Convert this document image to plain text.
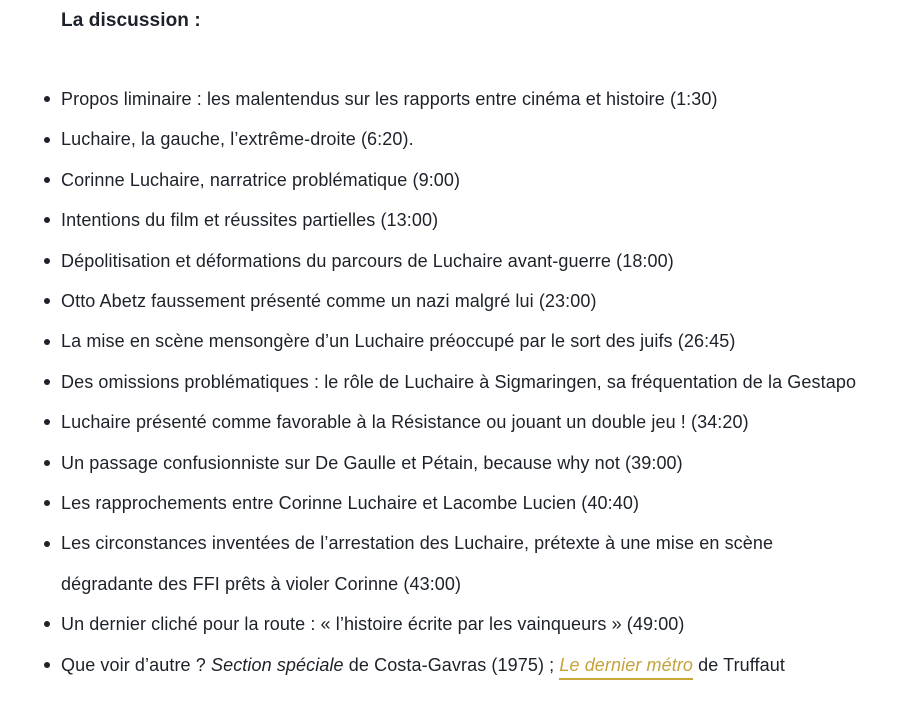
La discussion :
Propos liminaire : les malentendus sur les rapports entre cinéma et histoire (1:30)
Luchaire, la gauche, l’extrême-droite (6:20).
Corinne Luchaire, narratrice problématique (9:00)
Intentions du film et réussites partielles (13:00)
Dépolitisation et déformations du parcours de Luchaire avant-guerre (18:00)
Otto Abetz faussement présenté comme un nazi malgré lui (23:00)
La mise en scène mensongère d’un Luchaire préoccupé par le sort des juifs (26:45)
Des omissions problématiques : le rôle de Luchaire à Sigmaringen, sa fréquentation de la Gestapo
Luchaire présenté comme favorable à la Résistance ou jouant un double jeu ! (34:20)
Un passage confusionniste sur De Gaulle et Pétain, because why not (39:00)
Les rapprochements entre Corinne Luchaire et Lacombe Lucien (40:40)
Les circonstances inventées de l’arrestation des Luchaire, prétexte à une mise en scène dégradante des FFI prêts à violer Corinne (43:00)
Un dernier cliché pour la route : « l’histoire écrite par les vainqueurs » (49:00)
Que voir d’autre ? Section spéciale de Costa-Gavras (1975) ; Le dernier métro de Truffaut
